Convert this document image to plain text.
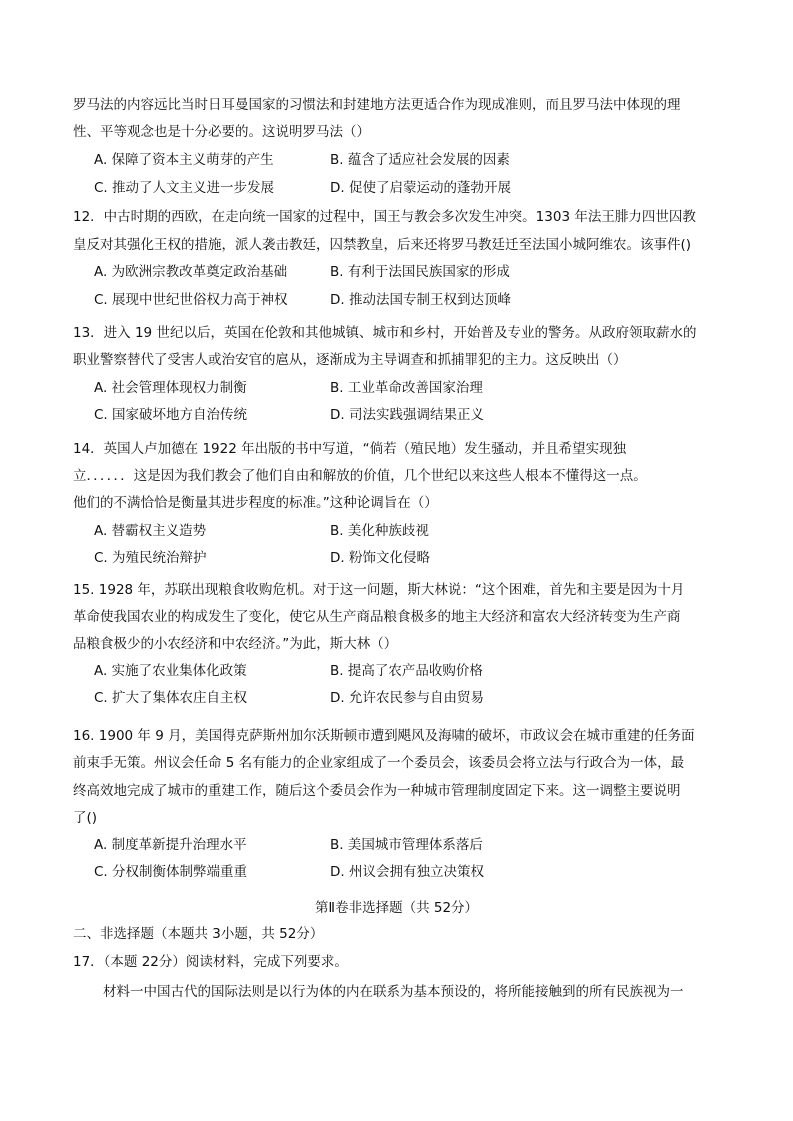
罗马法的内容远比当时日耳曼国家的习惯法和封建地方法更适合作为现成准则，而且罗马法中体现的理
性、平等观念也是十分必要的。这说明罗马法（）
A. 保障了资本主义萌芽的产生	B. 蕴含了适应社会发展的因素
C. 推动了人文主义进一步发展	D. 促使了启蒙运动的蓬勃开展
12．中古时期的西欧，在走向统一国家的过程中，国王与教会多次发生冲突。1303 年法王腓力四世囚教
皇反对其强化王权的措施，派人袭击教廷，囚禁教皇，后来还将罗马教廷迁至法国小城阿维农。该事件()
A. 为欧洲宗教改革奠定政治基础	B. 有利于法国民族国家的形成
C. 展现中世纪世俗权力高于神权	D. 推动法国专制王权到达顶峰
13．进入 19 世纪以后，英国在伦敦和其他城镇、城市和乡村，开始普及专业的警务。从政府领取薪水的
职业警察替代了受害人或治安官的扈从，逐渐成为主导调查和抓捕罪犯的主力。这反映出（）
A. 社会管理体现权力制衡	B. 工业革命改善国家治理
C. 国家破坏地方自治传统	D. 司法实践强调结果正义
14．英国人卢加德在 1922 年出版的书中写道，“倘若（殖民地）发生骚动，并且希望实现独
立．．．．．．这是因为我们教会了他们自由和解放的价值，几个世纪以来这些人根本不懂得这一点。
他们的不满恰恰是衡量其进步程度的标准。”这种论调旨在（）
A. 替霸权主义造势	B. 美化种族歧视
C. 为殖民统治辩护	D. 粉饰文化侵略
15. 1928 年，苏联出现粮食收购危机。对于这一问题，斯大林说：“这个困难，首先和主要是因为十月
革命使我国农业的构成发生了变化，使它从生产商品粮食极多的地主大经济和富农大经济转变为生产商
品粮食极少的小农经济和中农经济。”为此，斯大林（）
A. 实施了农业集体化政策	B. 提高了农产品收购价格
C. 扩大了集体农庄自主权	D. 允许农民参与自由贸易
16. 1900 年 9 月，美国得克萨斯州加尔沃斯顿市遭到飓风及海啸的破坏，市政议会在城市重建的任务面
前束手无策。州议会任命 5 名有能力的企业家组成了一个委员会，该委员会将立法与行政合为一体，最
终高效地完成了城市的重建工作，随后这个委员会作为一种城市管理制度固定下来。这一调整主要说明
了()
A. 制度革新提升治理水平	B. 美国城市管理体系落后
C. 分权制衡体制弊端重重	D. 州议会拥有独立决策权
第Ⅱ卷非选择题（共 52分）
二、非选择题（本题共 3小题，共 52分）
17．（本题 22分）阅读材料，完成下列要求。
材料一中国古代的国际法则是以行为体的内在联系为基本预设的，将所能接触到的所有民族视为一
